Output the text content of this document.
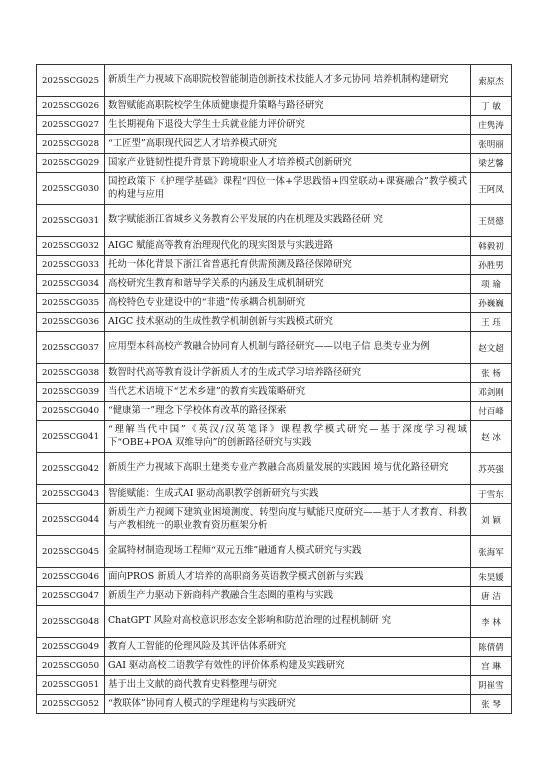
2025SCG025	新质生产力视域下高职院校智能制造创新技术技能人才多元协同 培养机制构建研究	索原杰
2025SCG026	数智赋能高职院校学生体质健康提升策略与路径研究	丁 敏
2025SCG027	生长期视角下退役大学生士兵就业能力评价研究	庄隽涛
2025SCG028	“工匠型”高职现代园艺人才培养模式研究	张明丽
2025SCG029	国家产业链韧性提升背景下跨境职业人才培养模式创新研究	梁艺馨
2025SCG030	国控政策下《护理学基础》课程“四位一体+学思践悟+四堂联动+课赛融合”教学模式的构建与应用	王阿凤
2025SCG031	数字赋能浙江省城乡义务教育公平发展的内在机理及实践路径研 究	王贤德
2025SCG032	AIGC 赋能高等教育治理现代化的现实图景与实践进路	韩毅初
2025SCG033	托幼一体化背景下浙江省普惠托育供需预测及路径保障研究	孙胜男
2025SCG034	高校研究生教育和谐导学关系的内涵及生成机制研究	项 瑜
2025SCG035	高校特色专业建设中的“非遗”传承耦合机制研究	孙巍巍
2025SCG036	AIGC 技术驱动的生成性教学机制创新与实践模式研究	王 珏
2025SCG037	应用型本科高校产教融合协同育人机制与路径研究——以电子信 息类专业为例	赵文超
2025SCG038	数智时代高等教育设计学新质人才的生成式学习培养路径研究	张 杨
2025SCG039	当代艺术语境下“艺术乡建”的教育实践策略研究	邓剑刚
2025SCG040	“健康第一”理念下学校体育改革的路径探索	付百峰
2025SCG041	“理解当代中国”《英汉/汉英笔译》课程教学模式研究—基于深度学习视域下“OBE+POA 双维导向”的创新路径研究与实践	赵 冰
2025SCG042	新质生产力视域下高职土建类专业产教融合高质量发展的实践困 境与优化路径研究	苏英强
2025SCG043	智能赋能：生成式AI 驱动高职教学创新研究与实践	于雪东
2025SCG044	新质生产力视阈下建筑业困境测度、转型向度与赋能尺度研究——基于人才教育、科教与产教相统一的职业教育资历框架分析	刘 颖
2025SCG045	金属特材制造现场工程师“双元五维”融通育人模式研究与实践	张海军
2025SCG046	面向PROS 新质人才培养的高职商务英语教学模式创新与实践	朱昊媛
2025SCG047	新质生产力驱动下新商科产教融合生态圈的重构与实践	唐 洁
2025SCG048	ChatGPT 风险对高校意识形态安全影响和防范治理的过程机制研 究	李 林
2025SCG049	教育人工智能的伦理风险及其评估体系研究	陈倩倩
2025SCG050	GAI 驱动高校二语教学有效性的评价体系构建及实践研究	宫 琳
2025SCG051	基于出土文献的商代教育史料整理与研究	阴崔雪
2025SCG052	“教联体”协同育人模式的学理建构与实践研究	张 琴
